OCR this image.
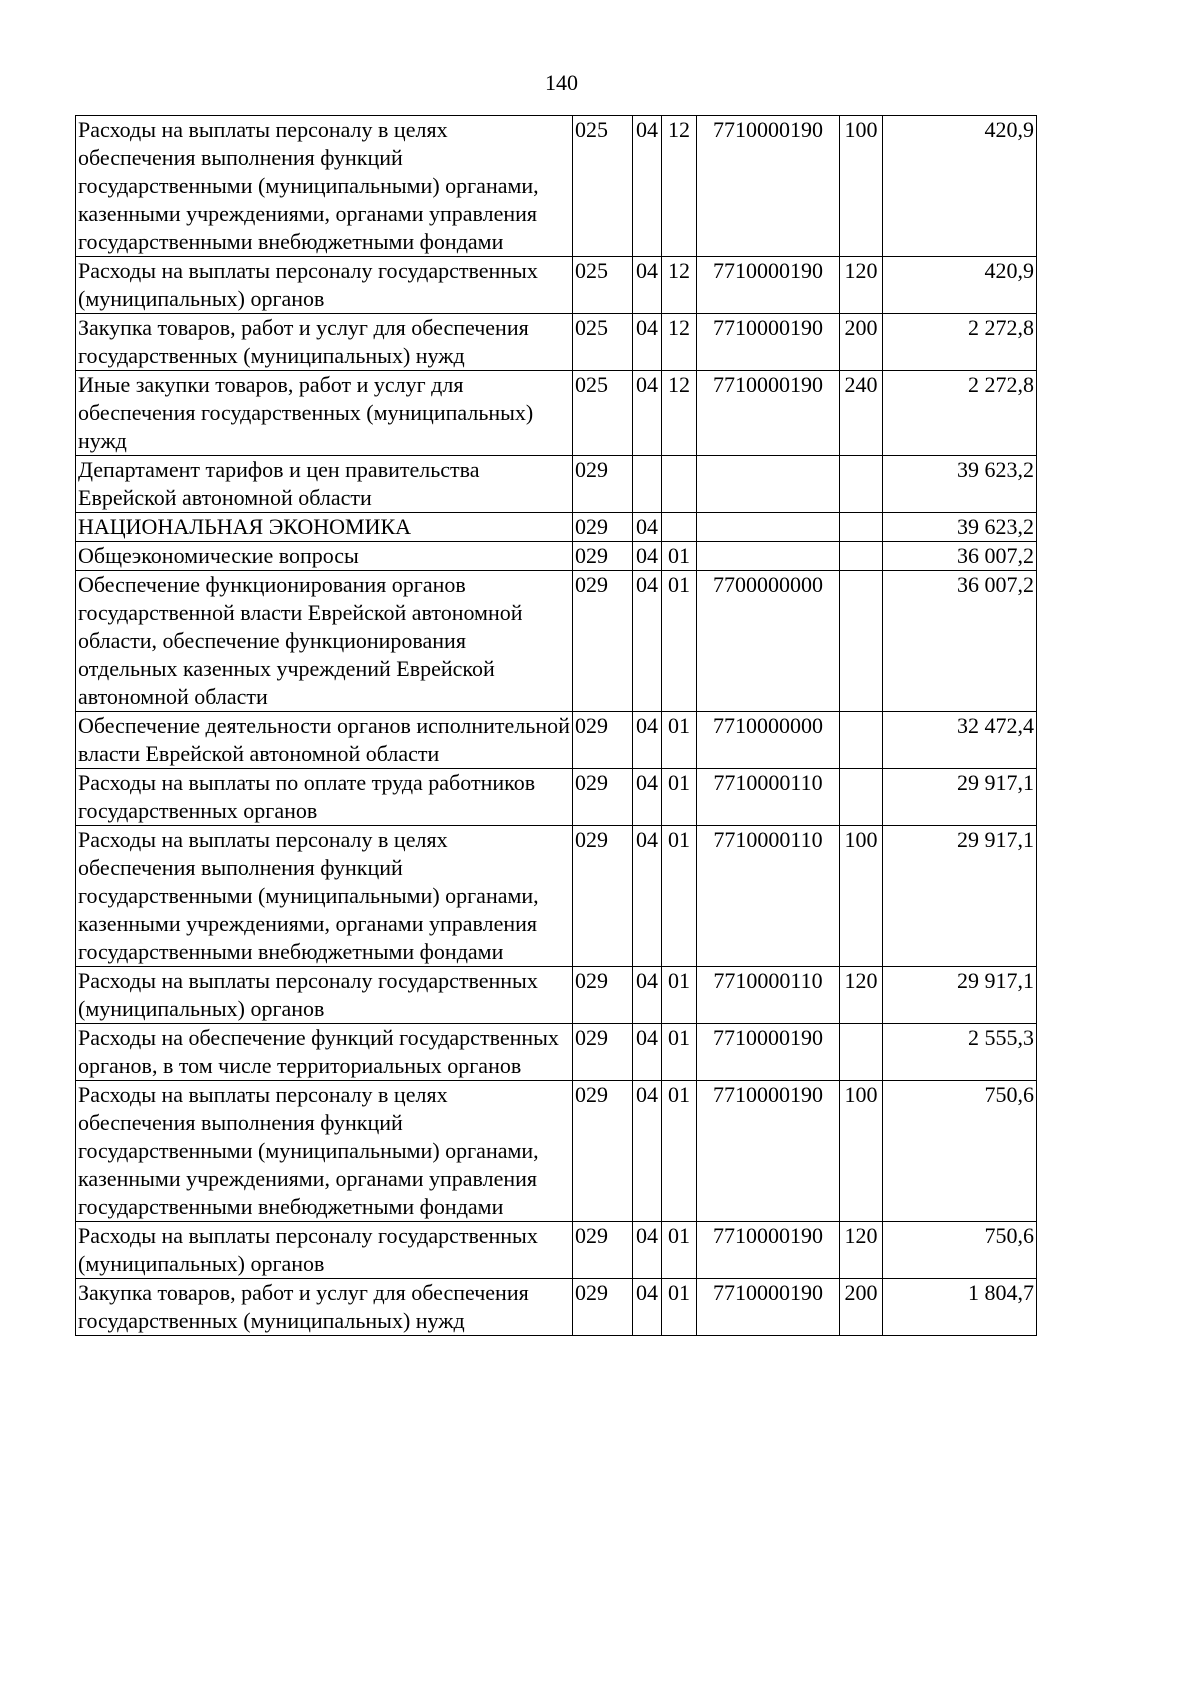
140
Расходы на выплаты персоналу в целях обеспечения выполнения функций государственными (муниципальными) органами, казенными учреждениями, органами управления государственными внебюджетными фондами	025	04	12	7710000190	100	420,9
Расходы на выплаты персоналу государственных (муниципальных) органов	025	04	12	7710000190	120	420,9
Закупка товаров, работ и услуг для обеспечения государственных (муниципальных) нужд	025	04	12	7710000190	200	2 272,8
Иные закупки товаров, работ и услуг для обеспечения государственных (муниципальных) нужд	025	04	12	7710000190	240	2 272,8
Департамент тарифов и цен правительства Еврейской автономной области	029					39 623,2
НАЦИОНАЛЬНАЯ ЭКОНОМИКА	029	04				39 623,2
Общеэкономические вопросы	029	04	01			36 007,2
Обеспечение функционирования органов государственной власти Еврейской автономной области, обеспечение функционирования отдельных казенных учреждений Еврейской автономной области	029	04	01	7700000000		36 007,2
Обеспечение деятельности органов исполнительной власти Еврейской автономной области	029	04	01	7710000000		32 472,4
Расходы на выплаты по оплате труда работников государственных органов	029	04	01	7710000110		29 917,1
Расходы на выплаты персоналу в целях обеспечения выполнения функций государственными (муниципальными) органами, казенными учреждениями, органами управления государственными внебюджетными фондами	029	04	01	7710000110	100	29 917,1
Расходы на выплаты персоналу государственных (муниципальных) органов	029	04	01	7710000110	120	29 917,1
Расходы на обеспечение функций государственных органов, в том числе территориальных органов	029	04	01	7710000190		2 555,3
Расходы на выплаты персоналу в целях обеспечения выполнения функций государственными (муниципальными) органами, казенными учреждениями, органами управления государственными внебюджетными фондами	029	04	01	7710000190	100	750,6
Расходы на выплаты персоналу государственных (муниципальных) органов	029	04	01	7710000190	120	750,6
Закупка товаров, работ и услуг для обеспечения государственных (муниципальных) нужд	029	04	01	7710000190	200	1 804,7
